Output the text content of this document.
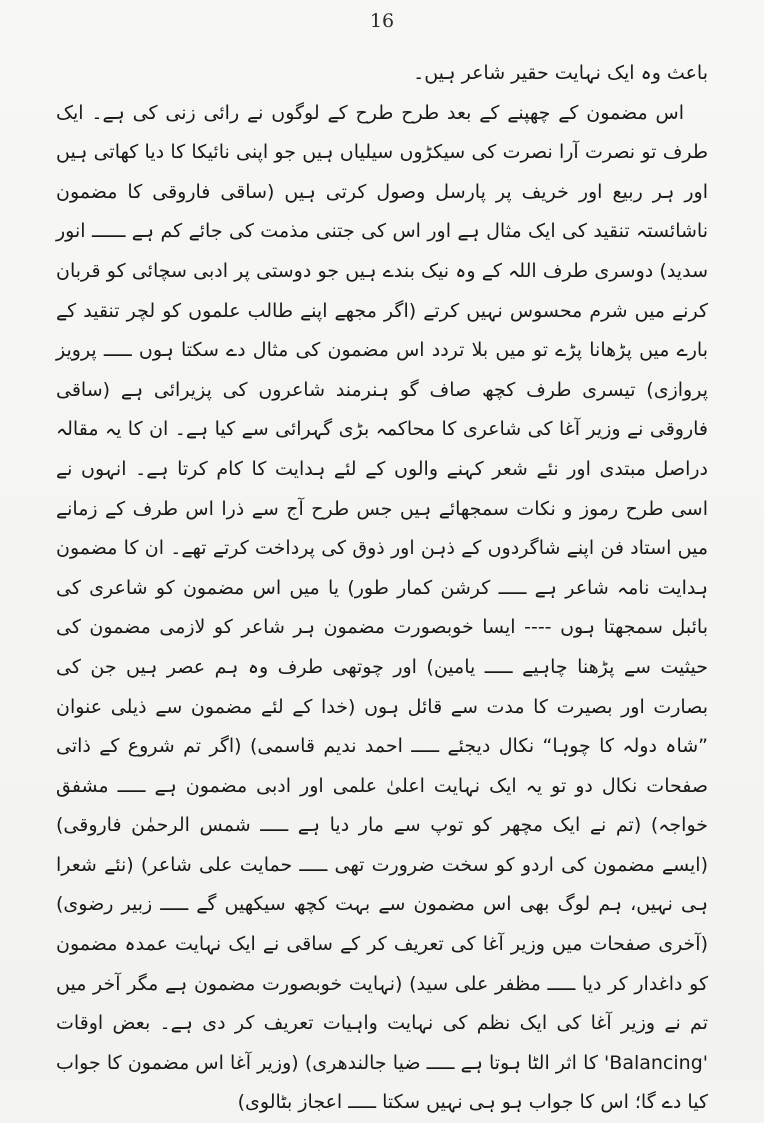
16

باعث وہ ایک نہایت حقیر شاعر ہیں۔

اس مضمون کے چھپنے کے بعد طرح طرح کے لوگوں نے رائی زنی کی ہے۔ ایک طرف تو نصرت آرا نصرت کی سیکڑوں سیلیاں ہیں جو اپنی نائیکا کا دیا کھاتی ہیں اور ہر ربیع اور خریف پر پارسل وصول کرتی ہیں (ساقی فاروقی کا مضمون ناشائستہ تنقید کی ایک مثال ہے اور اس کی جتنی مذمت کی جائے کم ہے ــــــ انور سدید) دوسری طرف اللہ کے وہ نیک بندے ہیں جو دوستی پر ادبی سچائی کو قربان کرنے میں شرم محسوس نہیں کرتے (اگر مجھے اپنے طالب علموں کو لچر تنقید کے بارے میں پڑھانا پڑے تو میں بلا تردد اس مضمون کی مثال دے سکتا ہوں ـــــ پرویز پروازی) تیسری طرف کچھ صاف گو ہنرمند شاعروں کی پزیرائی ہے (ساقی فاروقی نے وزیر آغا کی شاعری کا محاکمہ بڑی گہرائی سے کیا ہے۔ ان کا یہ مقالہ دراصل مبتدی اور نئے شعر کہنے والوں کے لئے ہدایت کا کام کرتا ہے۔ انہوں نے اسی طرح رموز و نکات سمجھائے ہیں جس طرح آج سے ذرا اس طرف کے زمانے میں استاد فن اپنے شاگردوں کے ذہن اور ذوق کی پرداخت کرتے تھے۔ ان کا مضمون ہدایت نامہ شاعر ہے ـــــ کرشن کمار طور) یا میں اس مضمون کو شاعری کی بائبل سمجھتا ہوں ---- ایسا خوبصورت مضمون ہر شاعر کو لازمی مضمون کی حیثیت سے پڑھنا چاہیے ـــــ یامین) اور چوتھی طرف وہ ہم عصر ہیں جن کی بصارت اور بصیرت کا مدت سے قائل ہوں (خدا کے لئے مضمون سے ذیلی عنوان ”شاہ دولہ کا چوہا“ نکال دیجئے ـــــ احمد ندیم قاسمی) (اگر تم شروع کے ذاتی صفحات نکال دو تو یہ ایک نہایت اعلیٰ علمی اور ادبی مضمون ہے ـــــ مشفق خواجہ) (تم نے ایک مچھر کو توپ سے مار دیا ہے ـــــ شمس الرحمٰن فاروقی) (ایسے مضمون کی اردو کو سخت ضرورت تھی ـــــ حمایت علی شاعر) (نئے شعرا ہی نہیں، ہم لوگ بھی اس مضمون سے بہت کچھ سیکھیں گے ـــــ زبیر رضوی) (آخری صفحات میں وزیر آغا کی تعریف کر کے ساقی نے ایک نہایت عمدہ مضمون کو داغدار کر دیا ـــــ مظفر علی سید) (نہایت خوبصورت مضمون ہے مگر آخر میں تم نے وزیر آغا کی ایک نظم کی نہایت واہیات تعریف کر دی ہے۔ بعض اوقات 'Balancing' کا اثر الٹا ہوتا ہے ـــــ ضیا جالندھری) (وزیر آغا اس مضمون کا جواب کیا دے گا؛ اس کا جواب ہو ہی نہیں سکتا ـــــ اعجاز بٹالوی)
